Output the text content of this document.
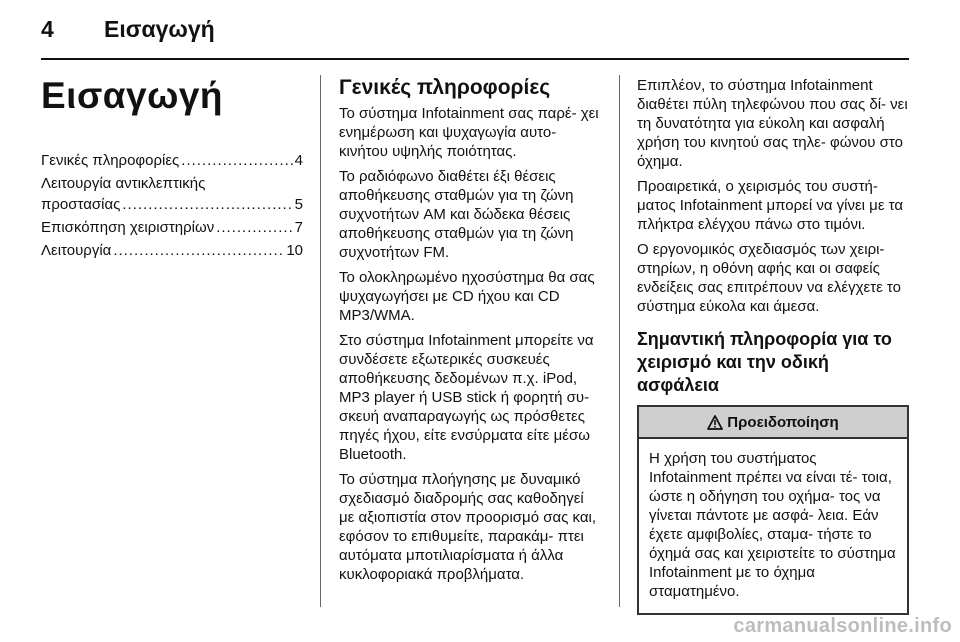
4 Εισαγωγή
Εισαγωγή
Γενικές πληροφορίες .....	4
Λειτουργία αντικλεπτικής
προστασίας .....	5
Επισκόπηση χειριστηρίων .....	7
Λειτουργία .....	10
Γενικές πληροφορίες

Το σύστημα Infotainment σας παρέ- χει ενημέρωση και ψυχαγωγία αυτο- κινήτου υψηλής ποιότητας.

Το ραδιόφωνο διαθέτει έξι θέσεις αποθήκευσης σταθμών για τη ζώνη συχνοτήτων AM και δώδεκα θέσεις αποθήκευσης σταθμών για τη ζώνη συχνοτήτων FM.

Το ολοκληρωμένο ηχοσύστημα θα σας ψυχαγωγήσει με CD ήχου και CD MP3/WMA.

Στο σύστημα Infotainment μπορείτε να συνδέσετε εξωτερικές συσκευές αποθήκευσης δεδομένων π.χ. iPod, MP3 player ή USB stick ή φορητή συ- σκευή αναπαραγωγής ως πρόσθετες πηγές ήχου, είτε ενσύρματα είτε μέσω Bluetooth.

Το σύστημα πλοήγησης με δυναμικό σχεδιασμό διαδρομής σας καθοδηγεί με αξιοπιστία στον προορισμό σας και, εφόσον το επιθυμείτε, παρακάμ- πτει αυτόματα μποτιλιαρίσματα ή άλλα κυκλοφοριακά προβλήματα.

Επιπλέον, το σύστημα Infotainment διαθέτει πύλη τηλεφώνου που σας δί- νει τη δυνατότητα για εύκολη και ασφαλή χρήση του κινητού σας τηλε- φώνου στο όχημα.

Προαιρετικά, ο χειρισμός του συστή- ματος Infotainment μπορεί να γίνει με τα πλήκτρα ελέγχου πάνω στο τιμόνι.

Ο εργονομικός σχεδιασμός των χειρι- στηρίων, η οθόνη αφής και οι σαφείς ενδείξεις σας επιτρέπουν να ελέγχετε το σύστημα εύκολα και άμεσα.

Σημαντική πληροφορία για το χειρισμό και την οδική ασφάλεια
Προειδοποίηση

Η χρήση του συστήματος Infotainment πρέπει να είναι τέ- τοια, ώστε η οδήγηση του οχήμα- τος να γίνεται πάντοτε με ασφά- λεια. Εάν έχετε αμφιβολίες, σταμα- τήστε το όχημά σας και χειριστείτε το σύστημα Infotainment με το όχημα σταματημένο.

carmanualsonline.info
